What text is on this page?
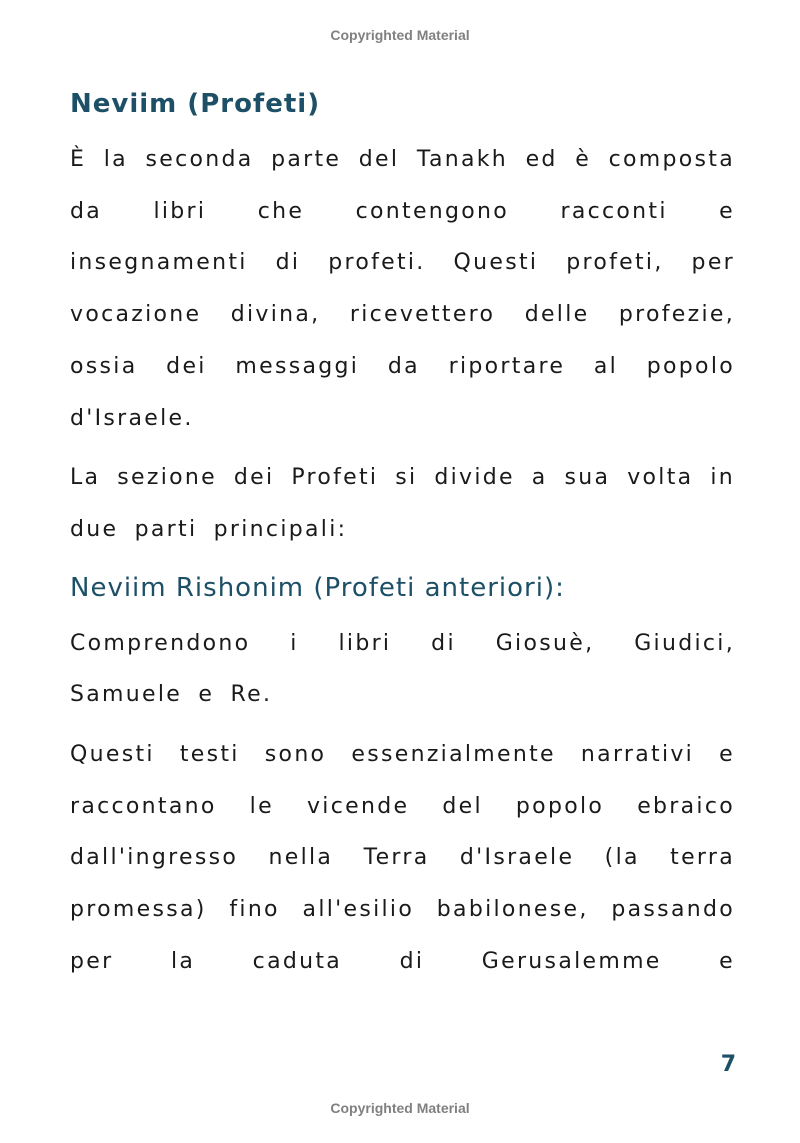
Copyrighted Material
Neviim (Profeti)

È la seconda parte del Tanakh ed è composta da libri che contengono racconti e insegnamenti di profeti. Questi profeti, per vocazione divina, ricevettero delle profezie, ossia dei messaggi da riportare al popolo d'Israele.

La sezione dei Profeti si divide a sua volta in due parti principali:

Neviim Rishonim (Profeti anteriori):

Comprendono i libri di Giosuè, Giudici, Samuele e Re.

Questi testi sono essenzialmente narrativi e raccontano le vicende del popolo ebraico dall'ingresso nella Terra d'Israele (la terra promessa) fino all'esilio babilonese, passando per la caduta di Gerusalemme e

7
Copyrighted Material
